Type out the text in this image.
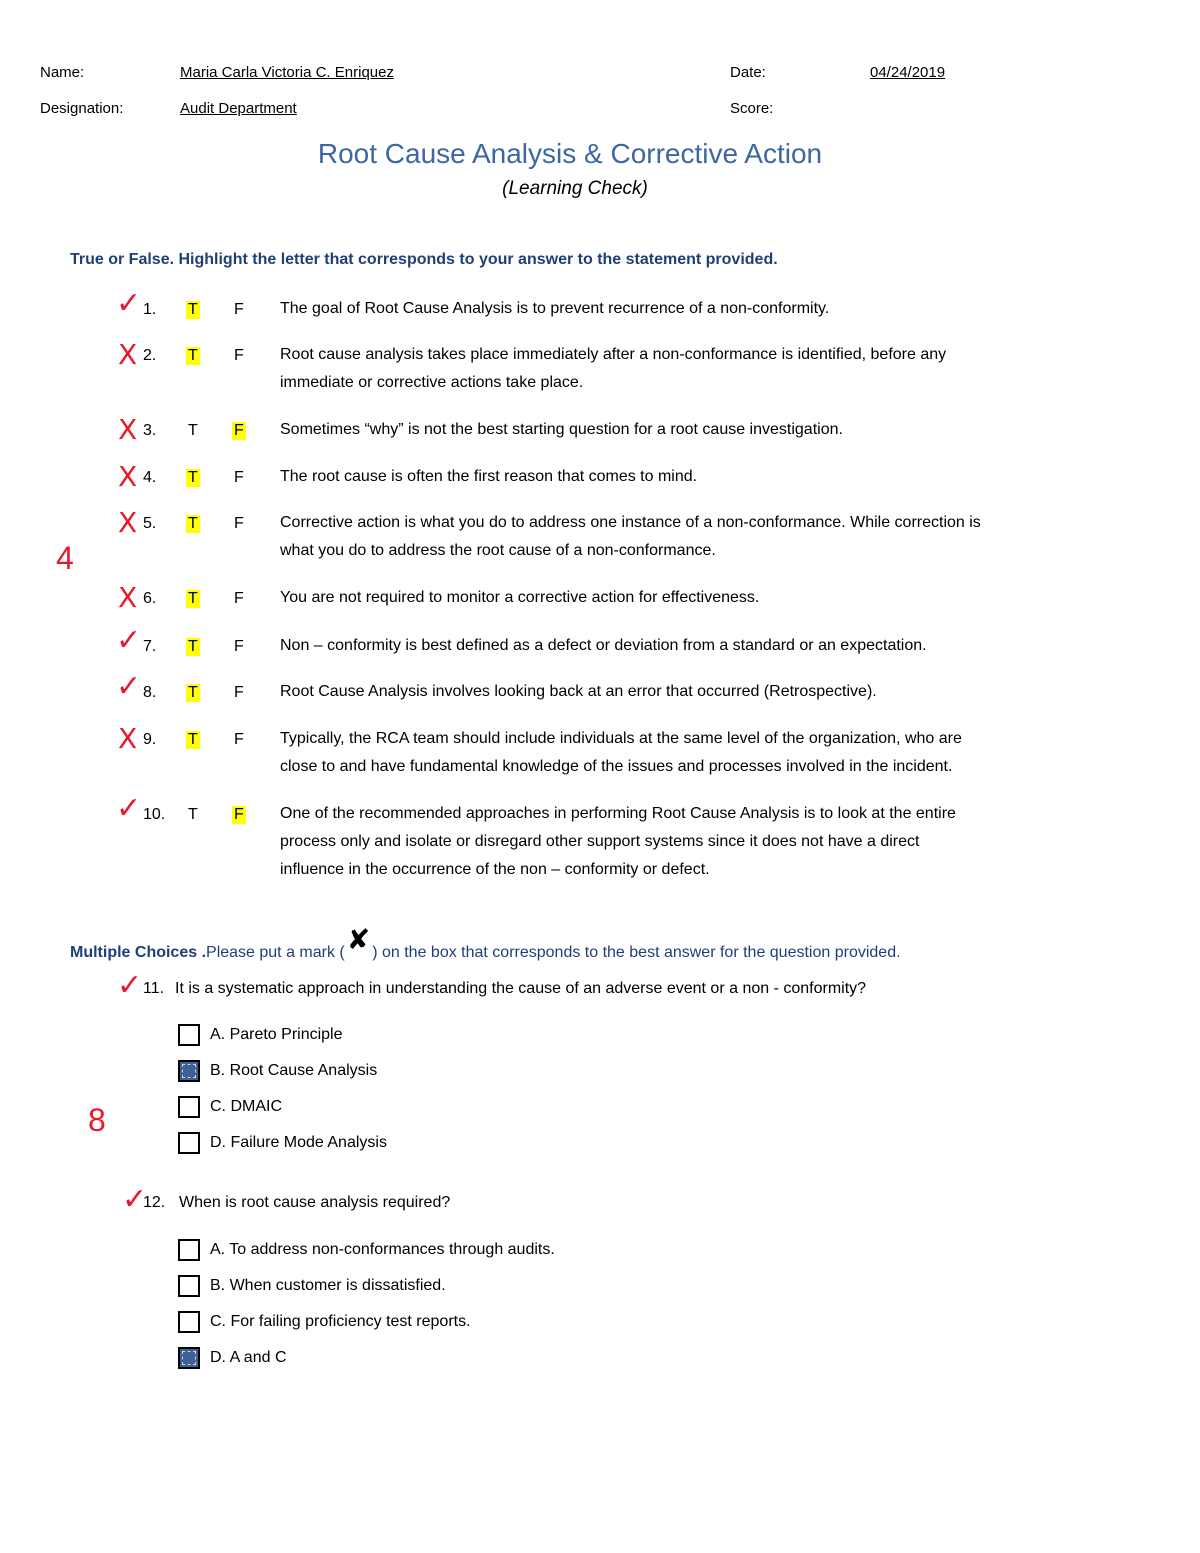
Name:	Maria Carla Victoria C. Enriquez	Date:	04/24/2019
Designation:	Audit Department	Score:
Root Cause Analysis & Corrective Action
(Learning Check)
True or False. Highlight the letter that corresponds to your answer to the statement provided.
4
✓ 1. T F The goal of Root Cause Analysis is to prevent recurrence of a non-conformity.
X 2. T F Root cause analysis takes place immediately after a non-conformance is identified, before any
immediate or corrective actions take place.
X 3. T F Sometimes “why” is not the best starting question for a root cause investigation.
X 4. T F The root cause is often the first reason that comes to mind.
X 5. T F Corrective action is what you do to address one instance of a non-conformance. While correction is
what you do to address the root cause of a non-conformance.
X 6. T F You are not required to monitor a corrective action for effectiveness.
✓ 7. T F Non – conformity is best defined as a defect or deviation from a standard or an expectation.
✓ 8. T F Root Cause Analysis involves looking back at an error that occurred (Retrospective).
X 9. T F Typically, the RCA team should include individuals at the same level of the organization, who are
close to and have fundamental knowledge of the issues and processes involved in the incident.
✓ 10. T F One of the recommended approaches in performing Root Cause Analysis is to look at the entire
process only and isolate or disregard other support systems since it does not have a direct
influence in the occurrence of the non – conformity or defect.
Multiple Choices .Please put a mark (✘ ) on the box that corresponds to the best answer for the question provided.
8
✓ 11. It is a systematic approach in understanding the cause of an adverse event or a non - conformity?
A. Pareto Principle
B. Root Cause Analysis
C. DMAIC
D. Failure Mode Analysis
✓
12. When is root cause analysis required?
A. To address non-conformances through audits.
B. When customer is dissatisfied.
C. For failing proficiency test reports.
D. A and C
